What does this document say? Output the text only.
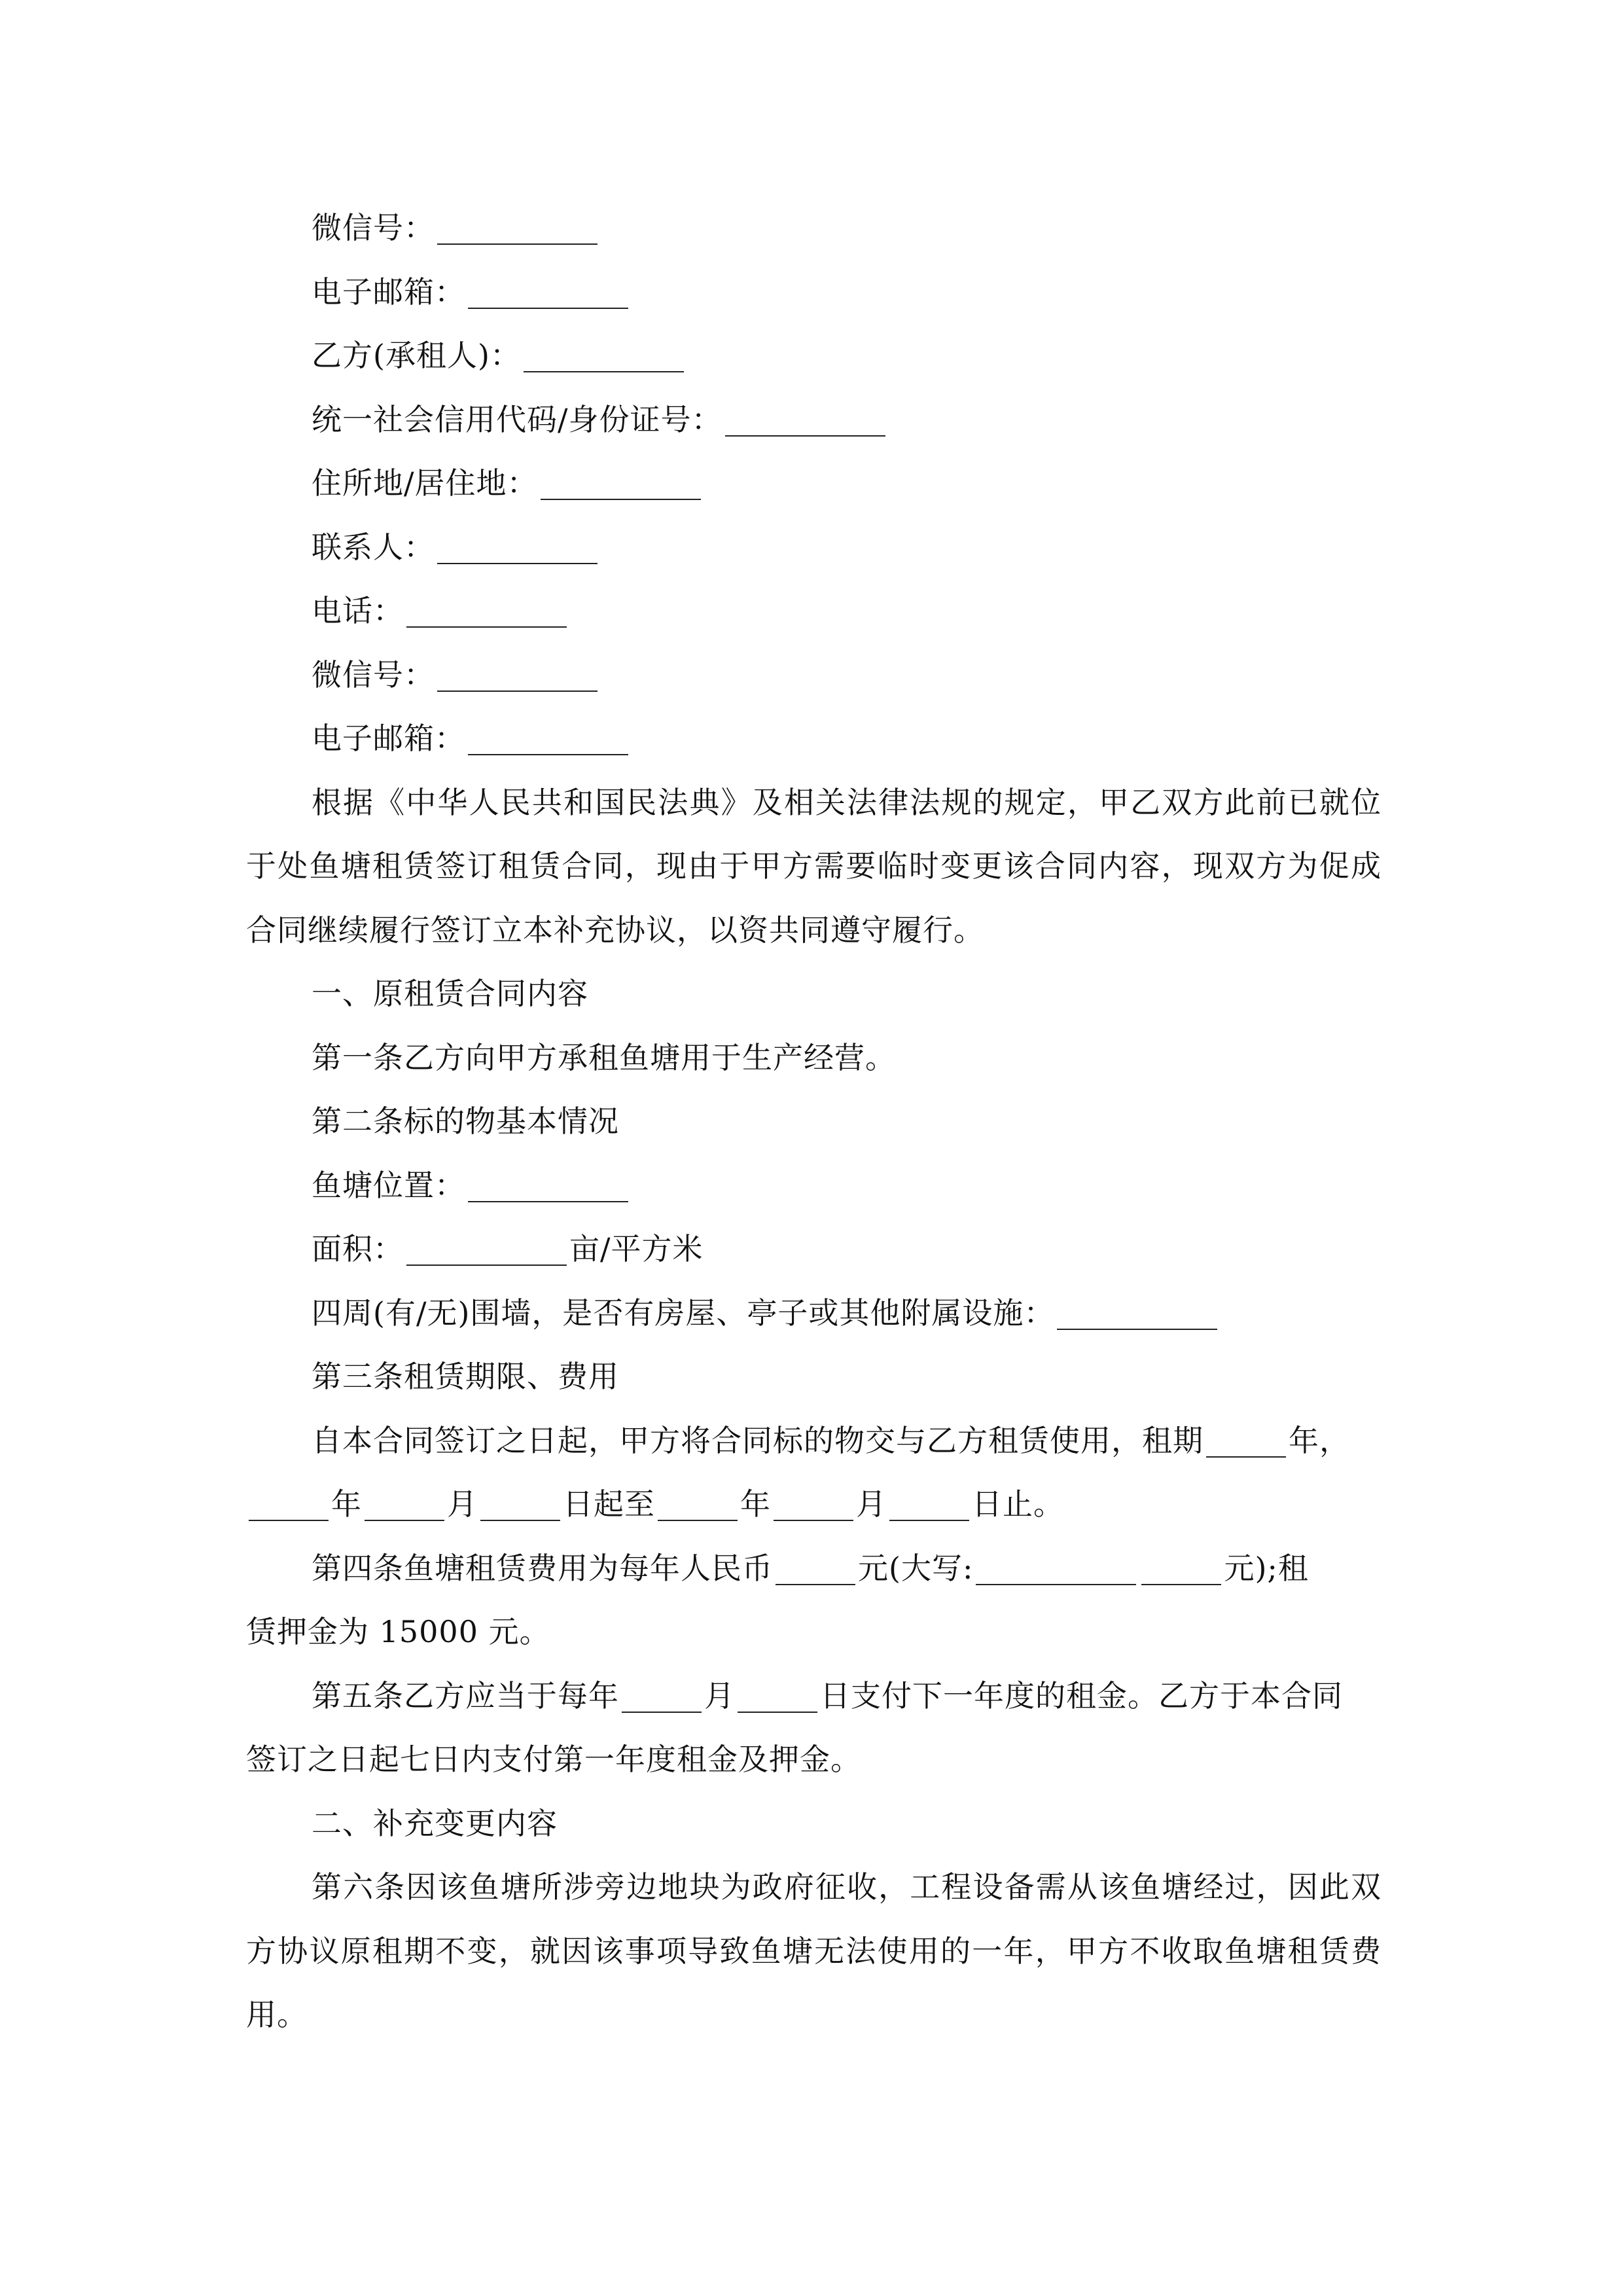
微信号：
电子邮箱：
乙方(承租人)：
统一社会信用代码/身份证号：
住所地/居住地：
联系人：
电话：
微信号：
电子邮箱：

根据《中华人民共和国民法典》及相关法律法规的规定，甲乙双方此前已就位于处鱼塘租赁签订租赁合同，现由于甲方需要临时变更该合同内容，现双方为促成合同继续履行签订立本补充协议，以资共同遵守履行。

一、原租赁合同内容
第一条乙方向甲方承租鱼塘用于生产经营。
第二条标的物基本情况
鱼塘位置：
面积：	亩/平方米
四周(有/无)围墙，是否有房屋、亭子或其他附属设施：
第三条租赁期限、费用
自本合同签订之日起，甲方将合同标的物交与乙方租赁使用，租期	年，
年	月	日起至	年	月	日止。
第四条鱼塘租赁费用为每年人民币	元(大写:	元);租
赁押金为 15000 元。
第五条乙方应当于每年	月	日支付下一年度的租金。乙方于本合同
签订之日起七日内支付第一年度租金及押金。
二、补充变更内容

第六条因该鱼塘所涉旁边地块为政府征收，工程设备需从该鱼塘经过，因此双方协议原租期不变，就因该事项导致鱼塘无法使用的一年，甲方不收取鱼塘租赁费用。
